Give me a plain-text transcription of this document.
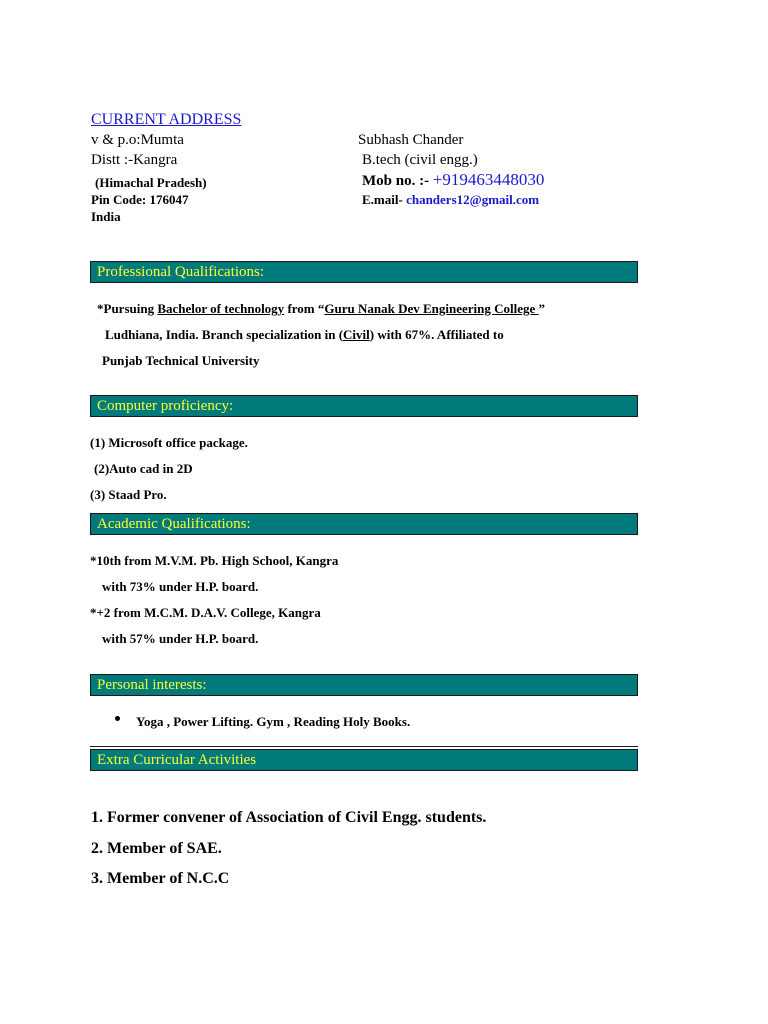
CURRENT ADDRESS
v & p.o:Mumta
Distt :-Kangra
(Himachal Pradesh)
Pin Code: 176047
India
Subhash Chander
B.tech (civil engg.)
Mob no. :- +919463448030
E.mail- chanders12@gmail.com
Professional Qualifications:
*Pursuing Bachelor of technology from “Guru Nanak Dev Engineering College ”
Ludhiana, India. Branch specialization in (Civil) with 67%. Affiliated to
Punjab Technical University
Computer proficiency:
(1) Microsoft office package.
(2)Auto cad in 2D
(3) Staad Pro.
Academic Qualifications:
*10th from M.V.M. Pb. High School, Kangra
with 73% under H.P. board.
*+2 from M.C.M. D.A.V. College, Kangra
with 57% under H.P. board.
Personal interests:
Yoga , Power Lifting. Gym , Reading Holy Books.
Extra Curricular Activities
1. Former convener of Association of Civil Engg. students.
2. Member of SAE.
3. Member of N.C.C
